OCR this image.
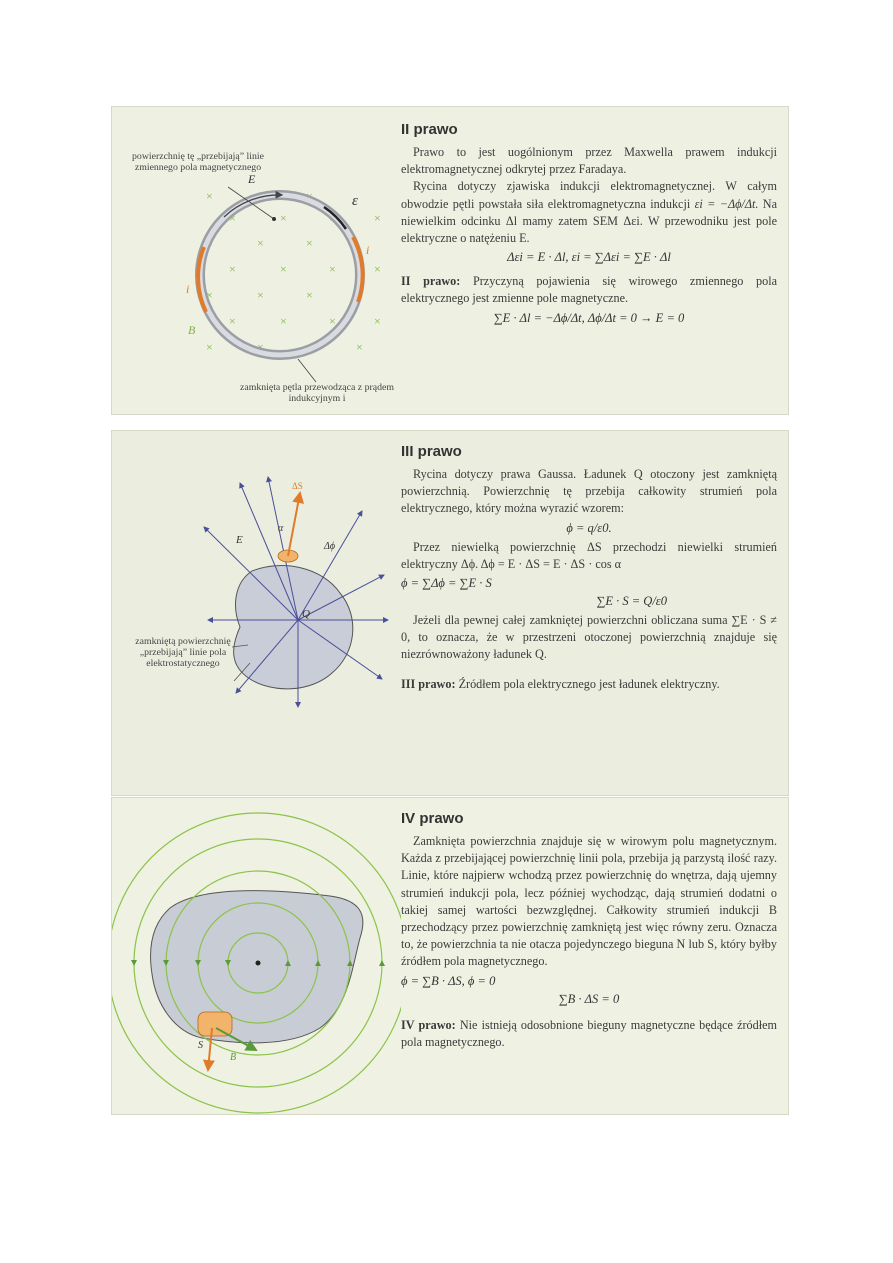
×	×	×
×	×	×
×	×	×
×	×	×
×	×	×
×	×	×
×	×	×	×
×
×
×
E
ε
i
i
B
powierzchnię tę „przebijają” linie zmiennego pola magnetycznego
zamknięta pętla przewodząca z prądem indukcyjnym i
II prawo

Prawo to jest uogólnionym przez Maxwella prawem indukcji elektromagnetycznej odkrytej przez Faradaya.

Rycina dotyczy zjawiska indukcji elektromagnetycznej. W całym obwodzie pętli powstała siła elektromagnetyczna indukcji εi = −Δϕ/Δt. Na niewielkim odcinku Δl mamy zatem SEM Δεi. W przewodniku jest pole elektryczne o natężeniu E.

Δεi = E · Δl, εi = ∑Δεi = ∑E · Δl

II prawo: Przyczyną pojawienia się wirowego zmiennego pola elektrycznego jest zmienne pole magnetyczne.

∑E · Δl = −Δϕ/Δt, Δϕ/Δt = 0 → E = 0
ΔS
α
E
Δϕ
Q
zamkniętą powierzchnię „przebijają” linie pola elektrostatycznego
III prawo

Rycina dotyczy prawa Gaussa. Ładunek Q otoczony jest zamkniętą powierzchnią. Powierzchnię tę przebija całkowity strumień pola elektrycznego, który można wyrazić wzorem:

ϕ = q/ε0.

Przez niewielką powierzchnię ΔS przechodzi niewielki strumień elektryczny Δϕ. Δϕ = E · ΔS = E · ΔS · cos α

ϕ = ∑Δϕ = ∑E · S
∑E · S = Q/ε0

Jeżeli dla pewnej całej zamkniętej powierzchni obliczana suma ∑E · S ≠ 0, to oznacza, że w przestrzeni otoczonej powierzchnią znajduje się niezrównoważony ładunek Q.

III prawo: Źródłem pola elektrycznego jest ładunek elektryczny.

S
B
IV prawo

Zamknięta powierzchnia znajduje się w wirowym polu magnetycznym. Każda z przebijającej powierzchnię linii pola, przebija ją parzystą ilość razy. Linie, które najpierw wchodzą przez powierzchnię do wnętrza, dają ujemny strumień indukcji pola, lecz później wychodząc, dają strumień dodatni o takiej samej wartości bezwzględnej. Całkowity strumień indukcji B przechodzący przez powierzchnię zamkniętą jest więc równy zeru. Oznacza to, że powierzchnia ta nie otacza pojedynczego bieguna N lub S, który byłby źródłem pola magnetycznego.

ϕ = ∑B · ΔS, ϕ = 0
∑B · ΔS = 0

IV prawo: Nie istnieją odosobnione bieguny magnetyczne będące źródłem pola magnetycznego.
